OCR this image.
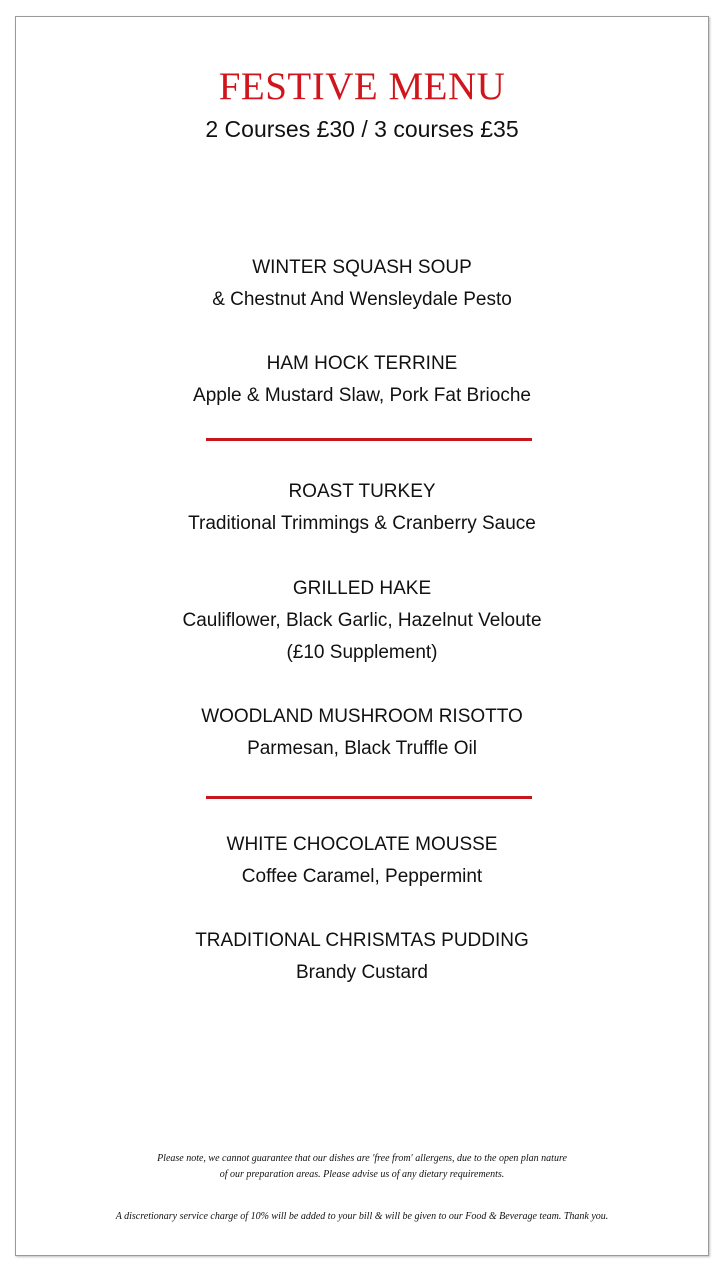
FESTIVE MENU
2 Courses £30 / 3 courses £35
WINTER SQUASH SOUP
& Chestnut And Wensleydale Pesto
HAM HOCK TERRINE
Apple & Mustard Slaw, Pork Fat Brioche
ROAST TURKEY
Traditional Trimmings & Cranberry Sauce
GRILLED HAKE
Cauliflower, Black Garlic, Hazelnut Veloute
(£10 Supplement)
WOODLAND MUSHROOM RISOTTO
Parmesan, Black Truffle Oil
WHITE CHOCOLATE MOUSSE
Coffee Caramel, Peppermint
TRADITIONAL CHRISMTAS PUDDING
Brandy Custard
Please note, we cannot guarantee that our dishes are 'free from' allergens, due to the open plan nature
of our preparation areas. Please advise us of any dietary requirements.
A discretionary service charge of 10% will be added to your bill & will be given to our Food & Beverage team. Thank you.
